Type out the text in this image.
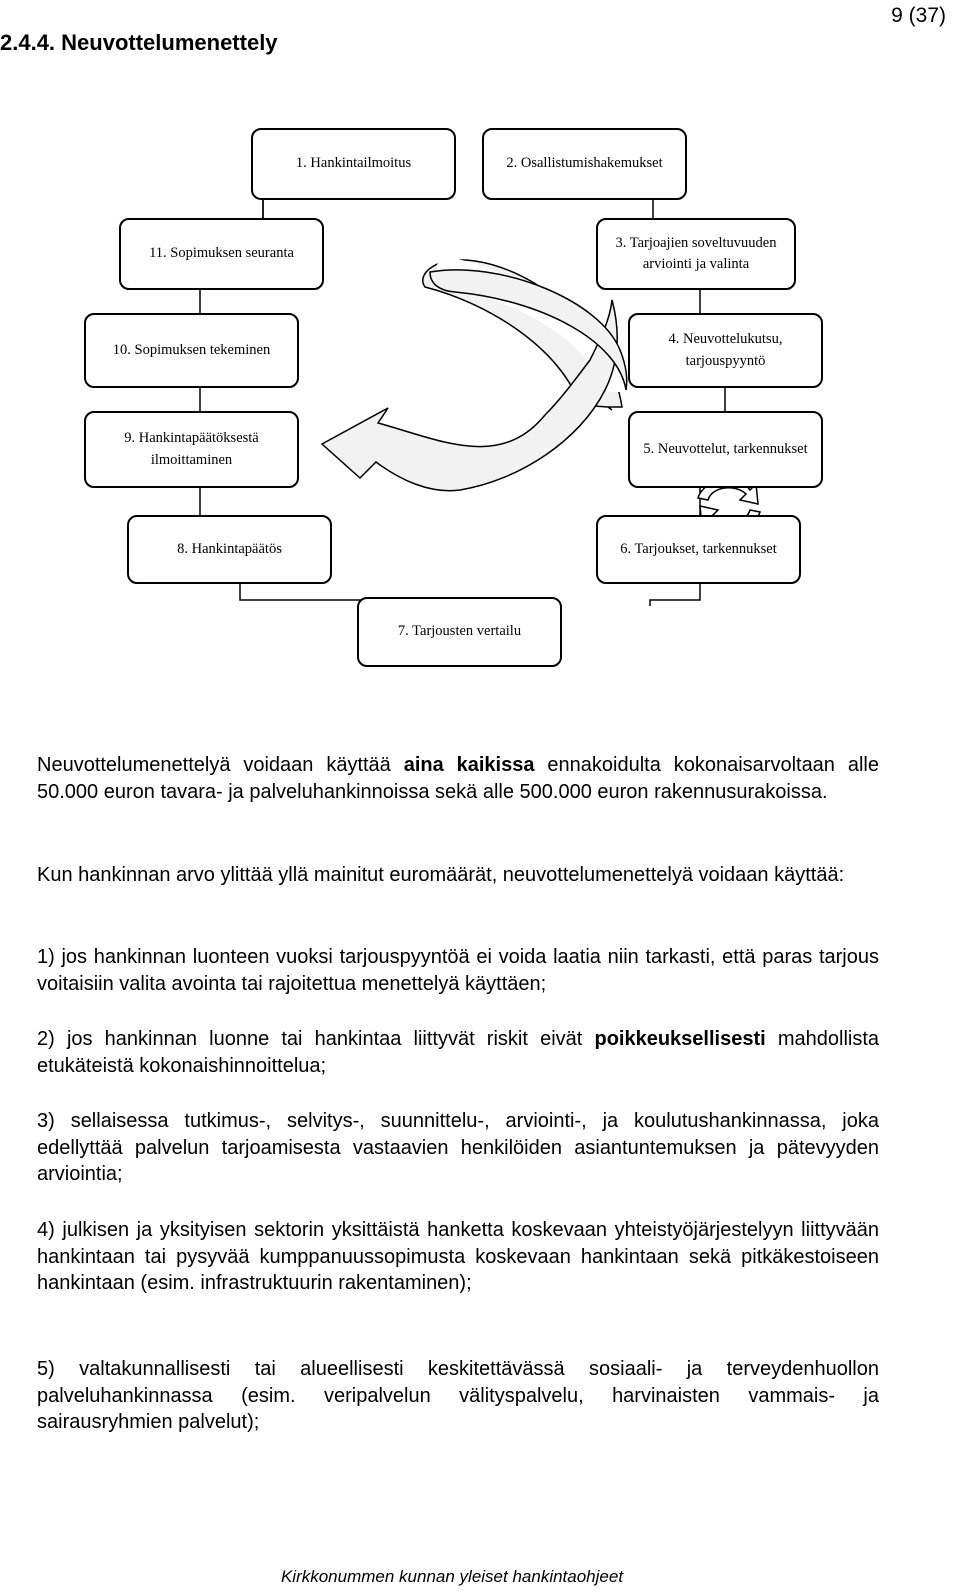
9 (37)
2.4.4. Neuvottelumenettely
1. Hankintailmoitus	2. Osallistumishakemukset
11. Sopimuksen seuranta
3. Tarjoajien soveltuvuuden arviointi ja valinta
10. Sopimuksen tekeminen
4. Neuvottelukutsu, tarjouspyyntö
9. Hankintapäätöksestä ilmoittaminen
5. Neuvottelut, tarkennukset
8. Hankintapäätös	6. Tarjoukset, tarkennukset
7. Tarjousten vertailu
Neuvottelumenettelyä voidaan käyttää aina kaikissa ennakoidulta kokonaisarvoltaan alle 50.000 euron tavara- ja palveluhankinnoissa sekä alle 500.000 euron rakennusurakoissa.
Kun hankinnan arvo ylittää yllä mainitut euromäärät, neuvottelumenettelyä voidaan käyttää:
1) jos hankinnan luonteen vuoksi tarjouspyyntöä ei voida laatia niin tarkasti, että paras tarjous voitaisiin valita avointa tai rajoitettua menettelyä käyttäen;
2) jos hankinnan luonne tai hankintaa liittyvät riskit eivät poikkeuksellisesti mahdollista etukäteistä kokonaishinnoittelua;
3) sellaisessa tutkimus-, selvitys-, suunnittelu-, arviointi-, ja koulutushankinnassa, joka edellyttää palvelun tarjoamisesta vastaavien henkilöiden asiantuntemuksen ja pätevyyden arviointia;
4) julkisen ja yksityisen sektorin yksittäistä hanketta koskevaan yhteistyöjärjestelyyn liittyvään hankintaan tai pysyvää kumppanuussopimusta koskevaan hankintaan sekä pitkäkestoiseen hankintaan (esim. infrastruktuurin rakentaminen);
5) valtakunnallisesti tai alueellisesti keskitettävässä sosiaali- ja terveydenhuollon palveluhankinnassa (esim. veripalvelun välityspalvelu, harvinaisten vammais- ja sairausryhmien palvelut);
Kirkkonummen kunnan yleiset hankintaohjeet
